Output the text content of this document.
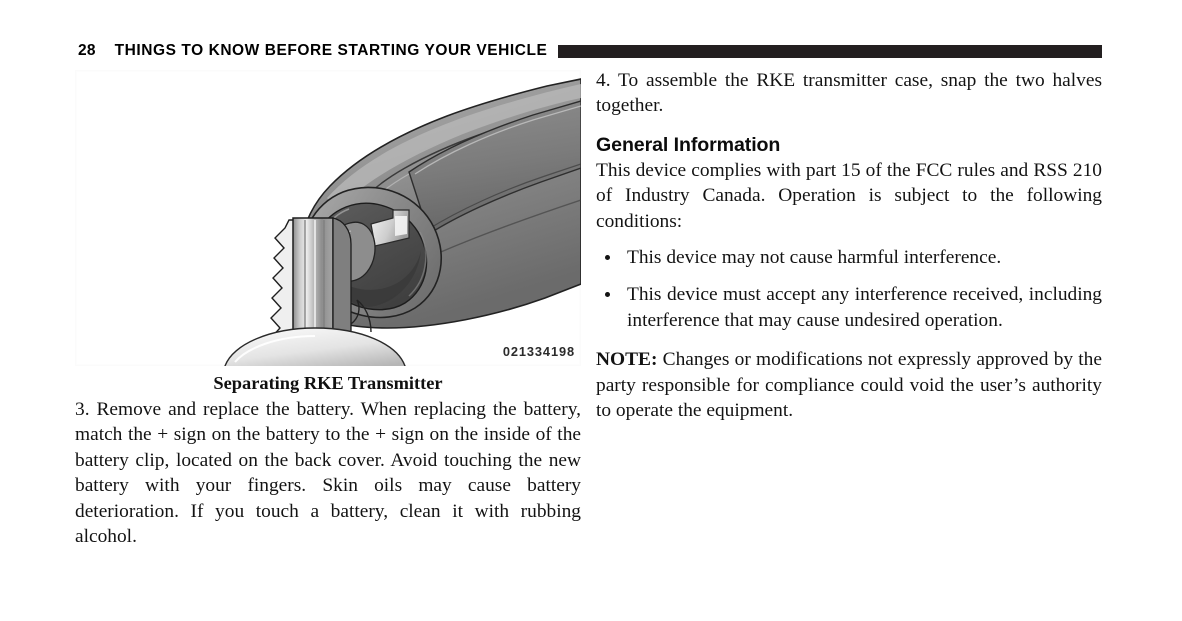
28 THINGS TO KNOW BEFORE STARTING YOUR VEHICLE
021334198
Separating RKE Transmitter

3. Remove and replace the battery. When replacing the battery, match the + sign on the battery to the + sign on the inside of the battery clip, located on the back cover. Avoid touching the new battery with your fingers. Skin oils may cause battery deterioration. If you touch a battery, clean it with rubbing alcohol.

4. To assemble the RKE transmitter case, snap the two halves together.

General Information

This device complies with part 15 of the FCC rules and RSS 210 of Industry Canada. Operation is subject to the following conditions:

This device may not cause harmful interference.
This device must accept any interference received, including interference that may cause undesired operation.

NOTE: Changes or modifications not expressly approved by the party responsible for compliance could void the user’s authority to operate the equipment.
